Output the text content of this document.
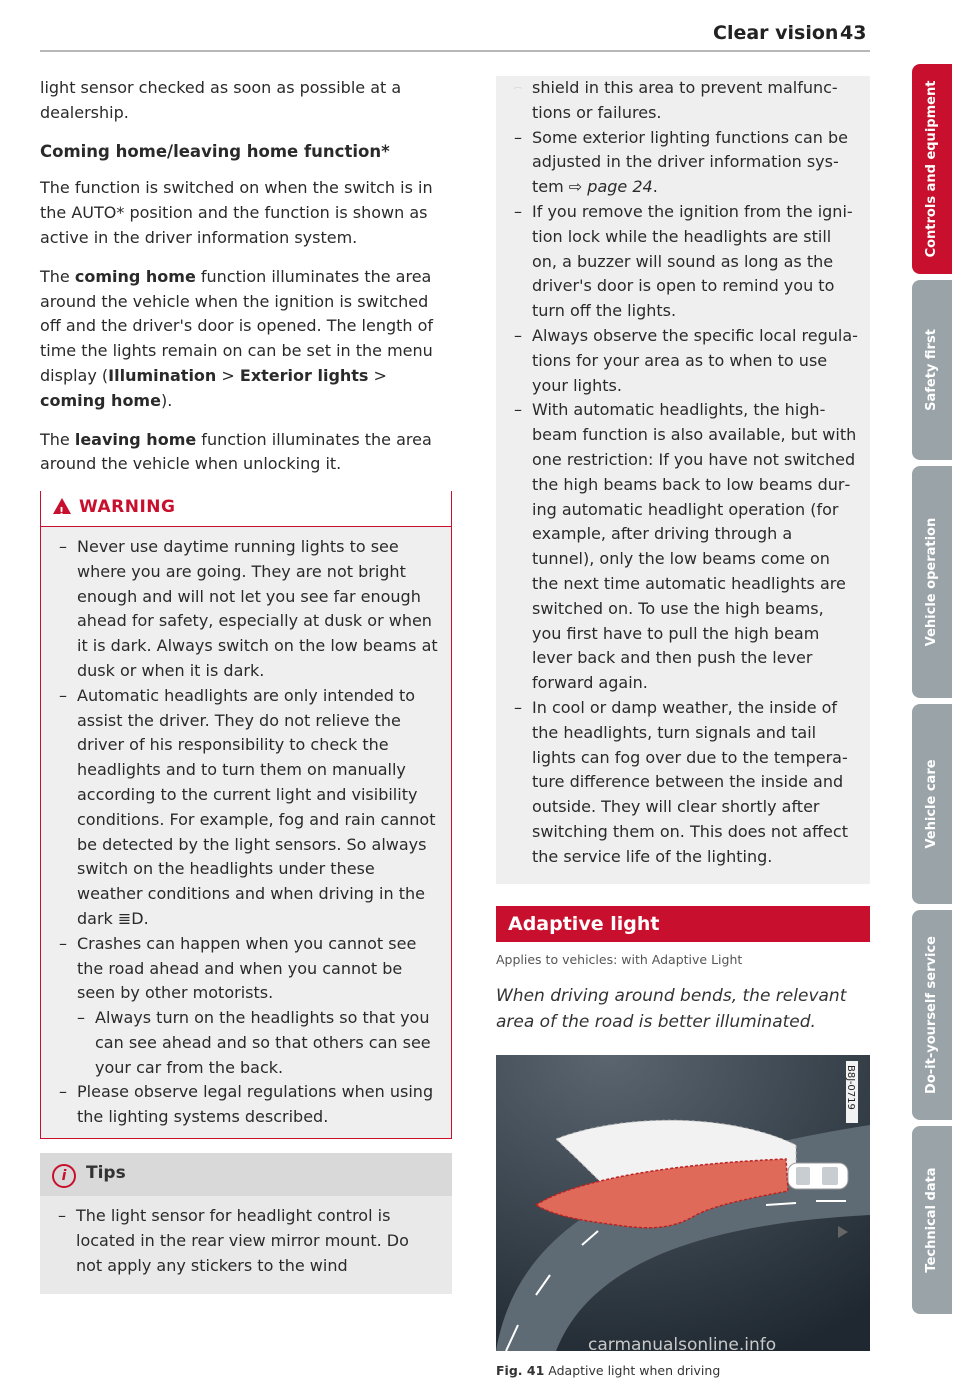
Clear vision 43

light sensor checked as soon as possible at a dealership.

Coming home/leaving home function*

The function is switched on when the switch is in the AUTO* position and the function is shown as active in the driver information system.

The coming home function illuminates the area around the vehicle when the ignition is switched off and the driver's door is opened. The length of time the lights remain on can be set in the menu display (Illumination > Exterior lights > coming home).

The leaving home function illuminates the area around the vehicle when unlocking it.

!WARNING

– Never use daytime running lights to see where you are going. They are not bright enough and will not let you see far enough ahead for safety, especially at dusk or when it is dark. Always switch on the low beams at dusk or when it is dark.

– Automatic headlights are only intended to assist the driver. They do not relieve the driver of his responsibility to check the headlights and to turn them on manually according to the current light and visibility conditions. For example, fog and rain cannot be detected by the light sensors. So always switch on the headlights under these weather conditions and when driving in the dark ≣D.

– Crashes can happen when you cannot see the road ahead and when you cannot be seen by other motorists.

– Always turn on the headlights so that you can see ahead and so that others can see your car from the back.

– Please observe legal regulations when using the lighting systems described.

i Tips

– The light sensor for headlight control is located in the rear view mirror mount. Do not apply any stickers to the wind

– – shield in this area to prevent malfunctions or failures.

– Some exterior lighting functions can be adjusted in the driver information system ⇨ page 24.

– If you remove the ignition from the ignition lock while the headlights are still on, a buzzer will sound as long as the driver's door is open to remind you to turn off the lights.

– Always observe the specific local regulations for your area as to when to use your lights.

– With automatic headlights, the highbeam function is also available, but with one restriction: If you have not switched the high beams back to low beams during automatic headlight operation (for example, after driving through a tunnel), only the low beams come on the next time automatic headlights are switched on. To use the high beams, you first have to pull the high beam lever back and then push the lever forward again.

– In cool or damp weather, the inside of the headlights, turn signals and tail lights can fog over due to the temperature difference between the inside and outside. They will clear shortly after switching them on. This does not affect the service life of the lighting.

Adaptive light
Applies to vehicles: with Adaptive Light
When driving around bends, the relevant area of the road is better illuminated.
B8J-0719
Fig. 41 Adaptive light when driving
Controls and equipment
Safety first
Vehicle operation
Vehicle care
Do-it-yourself service
Technical data
carmanualsonline.info
